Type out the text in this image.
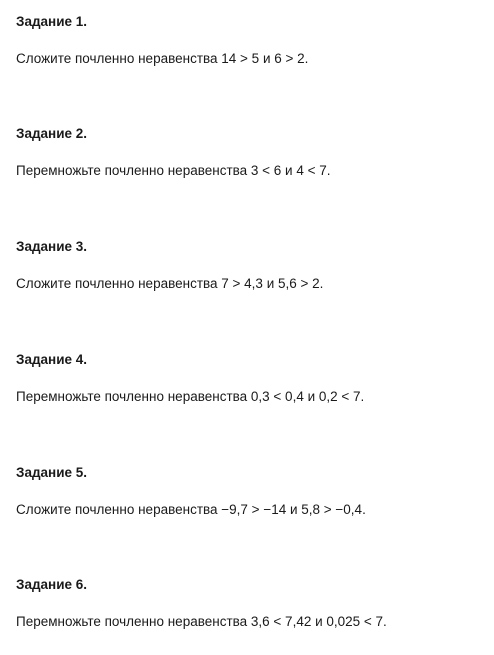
Задание 1.

Сложите почленно неравенства 14 > 5 и 6 > 2.

Задание 2.

Перемножьте почленно неравенства 3 < 6 и 4 < 7.

Задание 3.

Сложите почленно неравенства 7 > 4,3 и 5,6 > 2.

Задание 4.

Перемножьте почленно неравенства 0,3 < 0,4 и 0,2 < 7.

Задание 5.

Сложите почленно неравенства −9,7 > −14 и 5,8 > −0,4.

Задание 6.

Перемножьте почленно неравенства 3,6 < 7,42 и 0,025 < 7.
